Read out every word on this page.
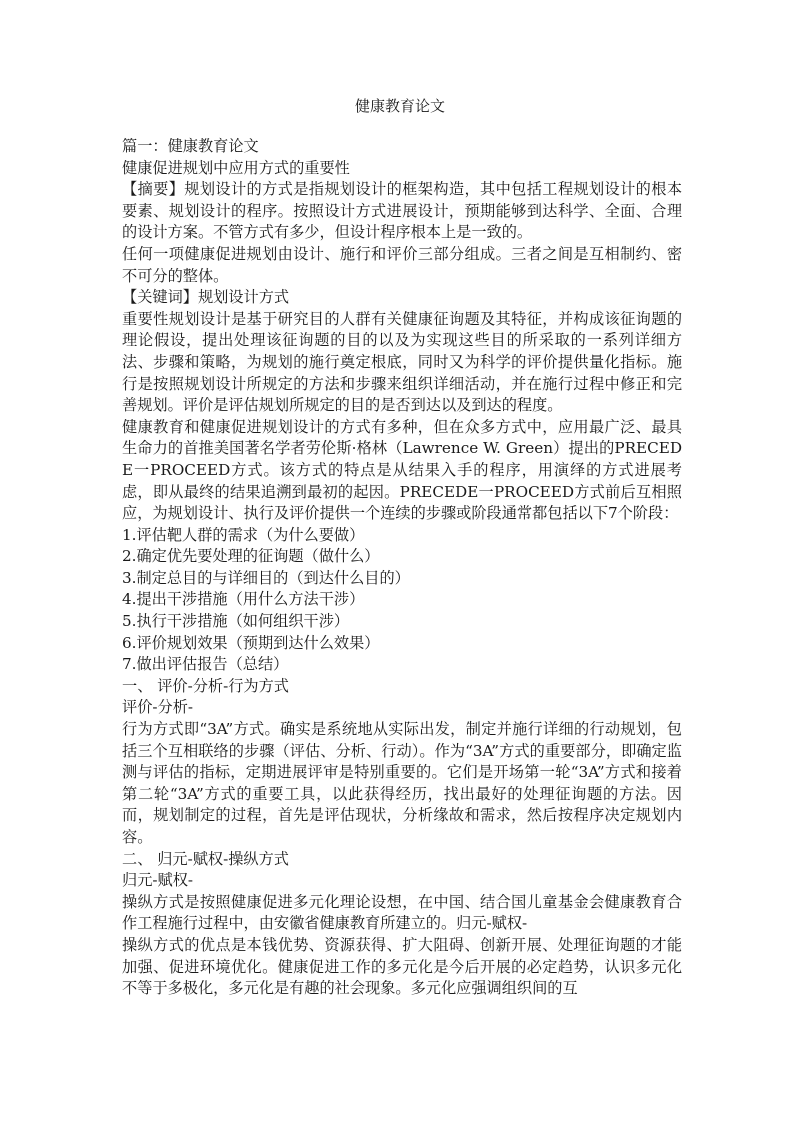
健康教育论文

篇一：健康教育论文

健康促进规划中应用方式的重要性

【摘要】规划设计的方式是指规划设计的框架构造，其中包括工程规划设计的根本要素、规划设计的程序。按照设计方式进展设计，预期能够到达科学、全面、合理的设计方案。不管方式有多少，但设计程序根本上是一致的。

任何一项健康促进规划由设计、施行和评价三部分组成。三者之间是互相制约、密不可分的整体。

【关键词】规划设计方式

重要性规划设计是基于研究目的人群有关健康征询题及其特征，并构成该征询题的理论假设，提出处理该征询题的目的以及为实现这些目的所采取的一系列详细方法、步骤和策略，为规划的施行奠定根底，同时又为科学的评价提供量化指标。施行是按照规划设计所规定的方法和步骤来组织详细活动，并在施行过程中修正和完善规划。评价是评估规划所规定的目的是否到达以及到达的程度。

健康教育和健康促进规划设计的方式有多种，但在众多方式中，应用最广泛、最具生命力的首推美国著名学者劳伦斯·格林（Lawrence W. Green）提出的PRECEDE一PROCEED方式。该方式的特点是从结果入手的程序，用演绎的方式进展考虑，即从最终的结果追溯到最初的起因。PRECEDE一PROCEED方式前后互相照应，为规划设计、执行及评价提供一个连续的步骤或阶段通常都包括以下7个阶段：

1.评估靶人群的需求（为什么要做）

2.确定优先要处理的征询题（做什么）

3.制定总目的与详细目的（到达什么目的）

4.提出干涉措施（用什么方法干涉）

5.执行干涉措施（如何组织干涉）

6.评价规划效果（预期到达什么效果）

7.做出评估报告（总结）

一、 评价-分析-行为方式

评价-分析-

行为方式即“3A”方式。确实是系统地从实际出发，制定并施行详细的行动规划，包括三个互相联络的步骤（评估、分析、行动）。作为“3A”方式的重要部分，即确定监测与评估的指标，定期进展评审是特别重要的。它们是开场第一轮“3A”方式和接着第二轮“3A”方式的重要工具，以此获得经历，找出最好的处理征询题的方法。因而，规划制定的过程，首先是评估现状，分析缘故和需求，然后按程序决定规划内容。

二、 归元-赋权-操纵方式

归元-赋权-

操纵方式是按照健康促进多元化理论设想，在中国、结合国儿童基金会健康教育合作工程施行过程中，由安徽省健康教育所建立的。归元-赋权-

操纵方式的优点是本钱优势、资源获得、扩大阻碍、创新开展、处理征询题的才能加强、促进环境优化。健康促进工作的多元化是今后开展的必定趋势，认识多元化不等于多极化，多元化是有趣的社会现象。多元化应强调组织间的互
